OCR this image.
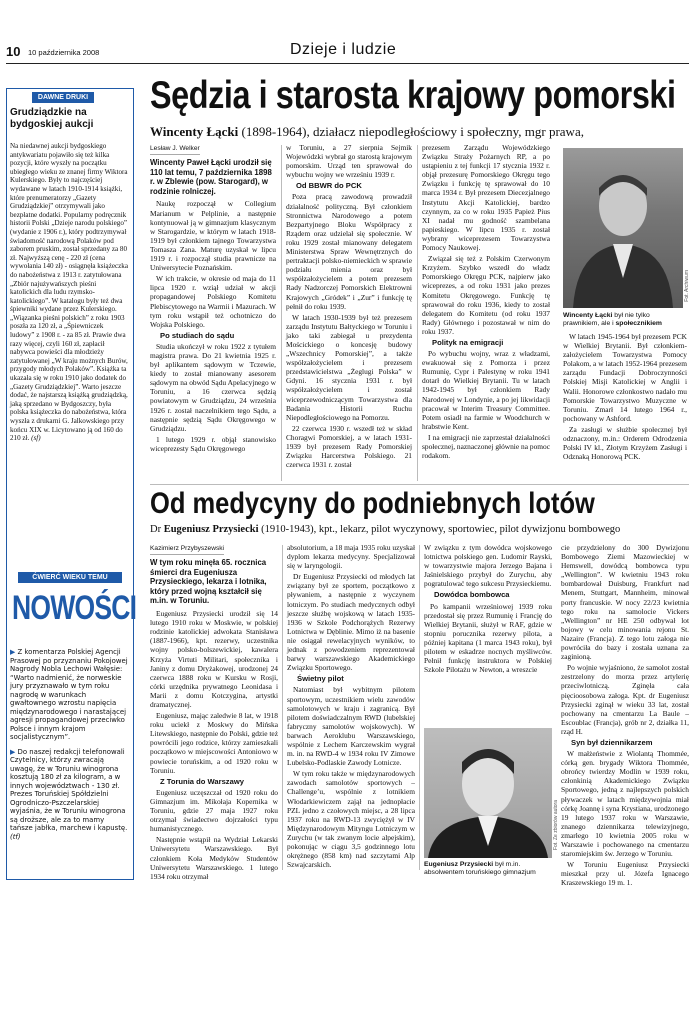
10 10 października 2008	Dzieje i ludzie
DAWNE DRUKI
Grudziądzkie na bydgoskiej aukcji
Na niedawnej aukcji bydgoskiego antykwariatu pojawiło się też kilka pozycji, które wyszły na początku ubiegłego wieku ze znanej firmy Wiktora Kulerskiego. Były to najczęściej wydawane w latach 1910-1914 książki, które prenumeratorzy „Gazety Grudziądzkiej” otrzymywali jako bezpłatne dodatki. Popularny podręcznik historii Polski „Dzieje narodu polskiego” (wydanie z 1906 r.), który podtrzymywał świadomość narodową Polaków pod zaborem pruskim, został sprzedany za 80 zł. Najwyższą cenę - 220 zł (cena wywołania 140 zł) - osiągnęła książeczka do nabożeństwa z 1913 r. zatytułowana „Zbiór najużywańszych pieśni katolickich dla ludu rzymsko-katolickiego”. W katalogu były też dwa śpiewniki wydane przez Kulerskiego. „Wiązanka pieśni polskich” z roku 1903 poszła za 120 zł, a „Śpiewniczek ludowy” z 1908 r. - za 85 zł. Prawie dwa razy więcej, czyli 160 zł, zapłacił nabywca powieści dla młodzieży zatytułowanej „W kraju możnych Burów, przygody młodych Polaków”. Książka ta ukazała się w roku 1910 jako dodatek do „Gazety Grudziądzkiej”. Warto jeszcze dodać, że najstarszą książką grudziądzką, jaką sprzedano w Bydgoszczy, była polska książeczka do nabożeństwa, która wyszła z drukarni G. Jalkowskiego przy końcu XIX w. Licytowano ją od 160 do 210 zł. (sf)
ĆWIERĆ WIEKU TEMU
NOWOŚCI
▶ Z komentarza Polskiej Agencji Prasowej po przyznaniu Pokojowej Nagrody Nobla Lechowi Wałęsie: “Warto nadmienić, że norweskie jury przyznawało w tym roku nagrodę w warunkach gwałtownego wzrostu napięcia międzynarodowego i narastającej agresji propagandowej przeciwko Polsce i innym krajom socjalistycznym”.
▶ Do naszej redakcji telefonowali Czytelnicy, którzy zwracają uwagę, że w Toruniu winogrona kosztują 180 zł za kilogram, a w innych województwach - 130 zł. Prezes Toruńskiej Spółdzielni Ogrodniczo-Pszczelarskiej wyjaśnia, że w Toruniu winogrona są droższe, ale za to mamy tańsze jabłka, marchew i kapustę. (tf)
Sędzia i starosta krajowy pomorski
Wincenty Łącki (1898-1964), działacz niepodległościowy i społeczny, mgr prawa,
Lesław J. Welker
Wincenty Paweł Łącki urodził się 110 lat temu, 7 października 1898 r. w Zblewie (pow. Starogard), w rodzinie rolniczej.

Naukę rozpoczął w Collegium Marianum w Pelplinie, a następnie kontynuował ją w gimnazjum klasycznym w Starogardzie, w którym w latach 1918-1919 był członkiem tajnego Towarzystwa Tomasza Zana. Maturę uzyskał w lipcu 1919 r. i rozpoczął studia prawnicze na Uniwersytecie Poznańskim.

W ich trakcie, w okresie od maja do 11 lipca 1920 r. wziął udział w akcji propagandowej Polskiego Komitetu Plebiscytowego na Warmii i Mazurach. W tym roku wstąpił też ochotniczo do Wojska Polskiego.

Po studiach do sądu

Studia ukończył w roku 1922 z tytułem magistra prawa. Do 21 kwietnia 1925 r. był aplikantem sądowym w Tczewie, kiedy to został mianowany asesorem sądowym na obwód Sądu Apelacyjnego w Toruniu, a 16 czerwca sędzią powiatowym w Grudziądzu, 24 września 1926 r. został naczelnikiem tego Sądu, a następnie sędzią Sądu Okręgowego w Grudziądzu.

1 lutego 1929 r. objął stanowisko wiceprezesty Sądu Okręgowego

w Toruniu, a 27 sierpnia Sejmik Wojewódzki wybrał go starostą krajowym pomorskim. Urząd ten sprawował do wybuchu wojny we wrześniu 1939 r.

Od BBWR do PCK

Poza pracą zawodową prowadził działalność polityczną. Był członkiem Stronnictwa Narodowego a potem Bezpartyjnego Bloku Współpracy z Rządem oraz udzielał się społecznie. W roku 1929 został mianowany delegatem Ministerstwa Spraw Wewnętrznych do pertraktacji polsko-niemieckich w sprawie podziału mienia oraz był współzałożycielem a potem prezesem Rady Nadzorczej Pomorskich Elektrowni Krajowych „Gródek” i „Zur” i funkcję tę pełnił do roku 1939.

W latach 1930-1939 był też prezesem zarządu Instytutu Bałtyckiego w Toruniu i jako taki zabiegał u prezydenta Mościckiego o koncesję budowy „Wszechnicy Pomorskiej”, a także współzałożycielem i prezesem przedstawicielstwa „Żeglugi Polska” w Gdyni. 16 stycznia 1931 r. był współzałożycielem i został wiceprzewodniczącym Towarzystwa dla Badania Historii Ruchu Niepodległościowego na Pomorzu.

22 czerwca 1930 r. wszedł też w skład Choragwi Pomorskiej, a w latach 1931-1939 był prezesem Rady Pomorskiej Związku Harcerstwa Polskiego. 21 czerwca 1931 r. został

prezesem Zarządu Wojewódzkiego Związku Straży Pożarnych RP, a po ustąpieniu z tej funkcji 17 stycznia 1932 r. objął prezesurę Pomorskiego Okręgu tego Związku i funkcję tę sprawował do 10 marca 1934 r. Był prezesem Diecezjalnego Instytutu Akcji Katolickiej, bardzo czynnym, za co w roku 1935 Papież Pius XI nadał mu godność szambelana papieskiego. W lipcu 1935 r. został wybrany wiceprezesem Towarzystwa Pomocy Naukowej.

Związał się też z Polskim Czerwonym Krzyżem. Szybko wszedł do władz Pomorskiego Okręgu PCK, najpierw jako wiceprezes, a od roku 1931 jako prezes Komitetu Okręgowego. Funkcję tę sprawował do roku 1936, kiedy to został delegatem do Komitetu (od roku 1937 Rady) Głównego i pozostawał w nim do roku 1937.

Polityk na emigracji

Po wybuchu wojny, wraz z władzami, ewakuował się z Pomorza i przez Rumunię, Cypr i Palestynę w roku 1941 dotarł do Wielkiej Brytanii. Tu w latach 1942-1945 był członkiem Rady Narodowej w Londynie, a po jej likwidacji pracował w Interim Treasury Committee. Potem osiadł na farmie w Woodchurch w hrabstwie Kent.

I na emigracji nie zaprzestał działalności społecznej, naznaczonej głównie na pomoc rodakom.

Fot. Archiwum
Wincenty Łącki był nie tylko prawnikiem, ale i społecznikiem

W latach 1945-1964 był prezesem PCK w Wielkiej Brytanii. Był członkiem-założycielem Towarzystwa Pomocy Polakom, a w latach 1952-1964 prezesem zarządu Fundacji Dobroczynności Polskiej Misji Katolickiej w Anglii i Walii. Honorowe członkostwo nadało mu Pomorskie Towarzystwo Muzyczne w Toruniu. Zmarł 14 lutego 1964 r., pochowany w Ashford.

Za zasługi w służbie społecznej był odznaczony, m.in.: Orderem Odrodzenia Polski IV kl., Złotym Krzyżem Zasługi i Odznaką Honorową PCK.

Od medycyny do podniebnych lotów
Dr Eugeniusz Przysiecki (1910-1943), kpt., lekarz, pilot wyczynowy, sportowiec, pilot dywizjonu bombowego
Kazimierz Przybyszewski
W tym roku minęła 65. rocznica śmierci dra Eugeniusza Przysieckiego, lekarza i lotnika, który przed wojną kształcił się m.in. w Toruniu.

Eugeniusz Przysiecki urodził się 14 lutego 1910 roku w Moskwie, w polskiej rodzinie katolickiej adwokata Stanisława (1887-1966), kpt. rezerwy, uczestnika wojny polsko-bolszewickiej, kawalera Krzyża Virtuti Militari, społecznika i Janiny z domu Dryżakowej, urodzonej 24 czerwca 1888 roku w Kursku w Rosji, córki urzędnika prywatnego Leonidasa i Marii z domu Kotczygina, artystki dramatycznej.

Eugeniusz, mając zaledwie 8 lat, w 1918 roku uciekł z Moskwy do Mińska Litewskiego, następnie do Polski, gdzie też powrócili jego rodzice, którzy zamieszkali początkowo w miejscowości Antoniowo w powiecie toruńskim, a od 1920 roku w Toruniu.

Z Torunia do Warszawy

Eugeniusz uczęszczał od 1920 roku do Gimnazjum im. Mikołaja Kopernika w Toruniu, gdzie 27 maja 1927 roku otrzymał świadectwo dojrzałości typu humanistycznego.

Następnie wstąpił na Wydział Lekarski Uniwersytetu Warszawskiego. Był członkiem Koła Medyków Studentów Uniwersytetu Warszawskiego. 1 lutego 1934 roku otrzymał

absolutorium, a 18 maja 1935 roku uzyskał dyplom lekarza medycyny. Specjalizował się w laryngologii.

Dr Eugeniusz Przysiecki od młodych lat związany był ze sportem, początkowo z pływaniem, a następnie z wyczynem lotniczym. Po studiach medycznych odbył jeszcze służbę wojskową w latach 1935-1936 w Szkole Podchorążych Rezerwy Lotnictwa w Dęblinie. Mimo iż na basenie nie osiągał rewelacyjnych wyników, to jednak z powodzeniem reprezentował barwy warszawskiego Akademickiego Związku Sportowego.

Świetny pilot

Natomiast był wybitnym pilotem sportowym, uczestnikiem wielu zawodów samolotowych w kraju i zagranicą. Był pilotem doświadczalnym RWD (lubelskiej fabryczny samolotów wojskowych). W barwach Aeroklubu Warszawskiego, wspólnie z Lechem Karczewskim wygrał m. in. na RWD-4 w 1934 roku IV Zimowe Lubelsko-Podlaskie Zawody Lotnicze.

W tym roku także w międzynarodowych zawodach samolotów sportowych – Challenge’u, wspólnie z lotnikiem Włodarkiewiczem zajął na jednopłacie PZL jedno z czołowych miejsc, a 28 lipca 1937 roku na RWD-13 zwyciężył w IV Międzynarodowym Mityngu Lotniczym w Zurychu (w tak zwanym locie alpejskim), pokonując w ciągu 3,5 godzinnego lotu okrężnego (858 km) nad szczytami Alp Szwajcarskich.

W związku z tym dowódca wojskowego lotnictwa polskiego gen. Ludomir Rayski, w towarzystwie majora Jerzego Bajana i Jaśnielskiego przybył do Zurychu, aby pogratulować tego sukcesu Przysieckiemu.

Dowódca bombowca

Po kampanii wrześniowej 1939 roku przedostał się przez Rumunię i Francję do Wielkiej Brytanii, służył w RAF, gdzie w stopniu porucznika rezerwy pilota, a później kapitana (1 marca 1943 roku), był pilotem w eskadrze nocnych myśliwców. Pełnił funkcję instruktora w Polskiej Szkole Pilotażu w Newton, a wreszcie

Fot. Ze zbiorów autora
Eugeniusz Przysiecki był m.in. absolwentem toruńskiego gimnazjum

cie przydzielony do 300 Dywizjonu Bombowego Ziemi Mazowieckiej w Hemswell, dowódcą bombowca typu „Wellington”. W kwietniu 1943 roku bombardował Duisburg, Frankfurt nad Menem, Stuttgart, Mannheim, minował porty francuskie. W nocy 22/23 kwietnia tego roku na samolocie Vickers „Wellington” nr HE 250 odbywał lot bojowy w celu minowania rejonu St. Nazaire (Francja). Z tego lotu załoga nie powróciła do bazy i została uznana za zaginioną.

Po wojnie wyjaśniono, że samolot został zestrzelony do morza przez artylerię przeciwlotniczą. Zginęła cała pięcioosobowa załoga. Kpt. dr Eugeniusz Przysiecki zginął w wieku 33 lat, został pochowany na cmentarzu La Baule – Escoublac (Francja), grób nr 2, działka 11, rząd H.

Syn był dziennikarzem

W małżeństwie z Wiolantą Thommée, córką gen. brygady Wiktora Thommée, obrońcy twierdzy Modlin w 1939 roku, członkinią Akademickiego Związku Sportowego, jedną z najlepszych polskich pływaczek w latach międzywojnia miał córkę Joannę i syna Krystiana, urodzonego 19 lutego 1937 roku w Warszawie, znanego dziennikarza telewizyjnego, zmarłego 10 kwietnia 2005 roku w Warszawie i pochowanego na cmentarzu staromiejskim św. Jerzego w Toruniu.

W Toruniu Eugeniusz Przysiecki mieszkał przy ul. Józefa Ignacego Kraszewskiego 19 m. 1.
